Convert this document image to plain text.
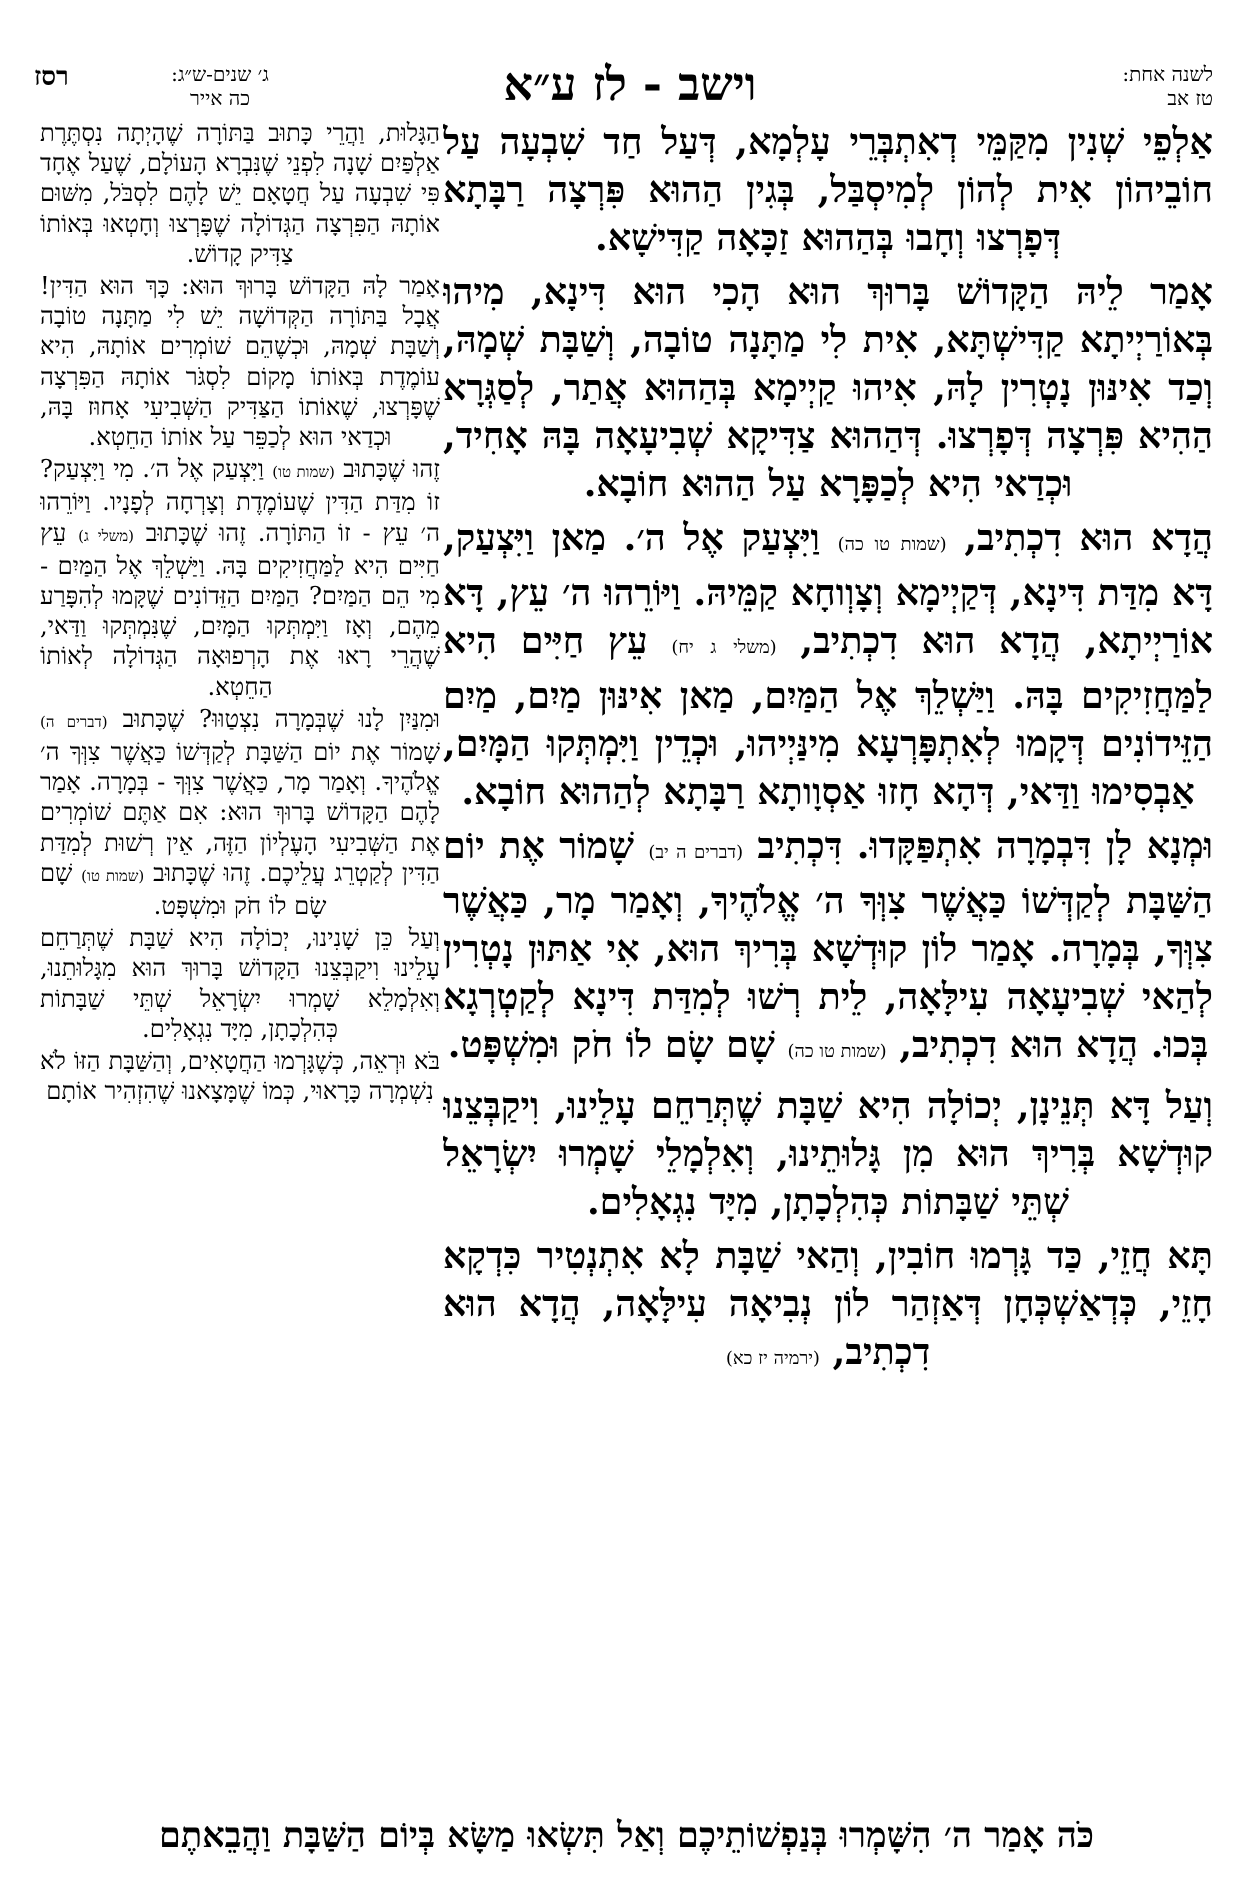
לשנה אחת:
טז אב
וישב - לז ע״א
ג׳ שנים-ש״ג:
כה אייר
רסז

אַלְפֵי שְׁנִין מִקַּמֵּי דְאִתְבְּרֵי עָלְמָא, דְּעַל חַד שִׁבְעָה עַל חוֹבֵיהוֹן אִית לְהוֹן לְמִיסְבַּל, בְּגִין הַהוּא פִּרְצָה רַבָּתָא דְּפָרְצוּ וְחָבוּ בְּהַהוּא זַכָּאָה קַדִּישָׁא.

אָמַר לֵיהּ הַקָּדוֹשׁ בָּרוּךְ הוּא הָכִי הוּא דִּינָא, מִיהוּ בְּאוֹרַיְיתָא קַדִּישְׁתָּא, אִית לִי מַתָּנָה טוֹבָה, וְשַׁבָּת שְׁמָהּ, וְכַד אִינּוּן נָטְרִין לָהּ, אִיהוּ קַיְימָא בְּהַהוּא אֲתַר, לְסַגְּרָא הַהִיא פִּרְצָה דְּפָרְצוּ. דְּהַהוּא צַדִּיקָא שְׁבִיעָאָה בָּהּ אָחִיד, וּכְדַאי הִיא לְכַפָּרָא עַל הַהוּא חוֹבָא.

הֲדָא הוּא דִכְתִיב, (שמות טו כה) וַיִּצְעַק אֶל ה׳. מַאן וַיִּצְעַק, דָּא מִדַּת דִּינָא, דְּקַיְימָא וְצָוְוחָא קַמֵּיהּ. וַיּוֹרֵהוּ ה׳ עֵץ, דָּא אוֹרַיְיתָא, הֲדָא הוּא דִכְתִיב, (משלי ג יח) עֵץ חַיִּים הִיא לַמַּחֲזִיקִים בָּהּ. וַיַּשְׁלֵךְ אֶל הַמַּיִם, מַאן אִינּוּן מַיִם, מַיִם הַזֵּידוֹנִים דְּקָמוּ לְאִתְפָּרְעָא מִינַּיְיהוּ, וּכְדֵין וַיִּמְתְּקוּ הַמָּיִם, אַבְסִימוּ וַדַּאי, דְּהָא חָזוּ אַסְוָותָא רַבָּתָא לְהַהוּא חוֹבָא.

וּמְנָא לָן דִּבְמָרָה אִתְפַּקָּדוּ. דִּכְתִיב (דברים ה יב) שָׁמוֹר אֶת יוֹם הַשַּׁבָּת לְקַדְּשׁוֹ כַּאֲשֶׁר צִוְּךָ ה׳ אֱלֹהֶיךָ, וְאָמַר מָר, כַּאֲשֶׁר צִוְּךָ, בְּמָרָה. אָמַר לוֹן קוּדְשָׁא בְּרִיךְ הוּא, אִי אַתּוּן נָטְרִין לְהַאי שְׁבִיעָאָה עִילָּאָה, לֵית רְשׁוּ לְמִדַּת דִּינָא לְקַטְרְגָא בְּכוּ. הֲדָא הוּא דִכְתִיב, (שמות טו כה) שָׁם שָׂם לוֹ חֹק וּמִשְׁפָּט.

וְעַל דָּא תְּנֵינָן, יְכוֹלָה הִיא שַׁבָּת שֶׁתְּרַחֵם עָלֵינוּ, וִיקַבְּצֵנוּ קוּדְשָׁא בְּרִיךְ הוּא מִן גָּלוּתֵינוּ, וְאִלְמָלֵי שָׁמְרוּ יִשְׂרָאֵל שְׁתֵּי שַׁבָּתוֹת כְּהִלְכָתָן, מִיָּד נִגְאָלִים.

תָּא חֲזֵי, כַּד גָּרְמוּ חוֹבִין, וְהַאי שַׁבָּת לָא אִתְנְטִיר כִּדְקָא חָזֵי, כְּדְאַשְׁכְּחָן דְּאַזְהַר לוֹן נְבִיאָה עִילָּאָה, הֲדָא הוּא דִכְתִיב, (ירמיה יז כא)

הַגָּלוּת, וַהֲרֵי כָּתוּב בַּתּוֹרָה שֶׁהָיְתָה נִסְתֶּרֶת אַלְפַּיִם שָׁנָה לִפְנֵי שֶׁנִּבְרָא הָעוֹלָם, שֶׁעַל אֶחָד פִּי שִׁבְעָה עַל חֲטָאָם יֵשׁ לָהֶם לִסְבֹּל, מִשּׁוּם אוֹתָהּ הַפִּרְצָה הַגְּדוֹלָה שֶׁפָּרְצוּ וְחָטְאוּ בְּאוֹתוֹ צַדִּיק קָדוֹשׁ.

אָמַר לָהּ הַקָּדוֹשׁ בָּרוּךְ הוּא: כָּךְ הוּא הַדִּין! אֲבָל בַּתּוֹרָה הַקְּדוֹשָׁה יֵשׁ לִי מַתָּנָה טוֹבָה וְשַׁבָּת שְׁמָהּ, וּכְשֶׁהֵם שׁוֹמְרִים אוֹתָהּ, הִיא עוֹמֶדֶת בְּאוֹתוֹ מָקוֹם לִסְגֹּר אוֹתָהּ הַפִּרְצָה שֶׁפָּרְצוּ, שֶׁאוֹתוֹ הַצַּדִּיק הַשְּׁבִיעִי אָחוּז בָּהּ, וּכְדַאי הוּא לְכַפֵּר עַל אוֹתוֹ הַחֵטְא.

זֶהוּ שֶׁכָּתוּב (שמות טו) וַיִּצְעַק אֶל ה׳. מִי וַיִּצְעַק? זוֹ מִדַּת הַדִּין שֶׁעוֹמֶדֶת וְצָרְחָה לְפָנָיו. וַיּוֹרֵהוּ ה׳ עֵץ - זוֹ הַתּוֹרָה. זֶהוּ שֶׁכָּתוּב (משלי ג) עֵץ חַיִּים הִיא לַמַּחֲזִיקִים בָּהּ. וַיַּשְׁלֵךְ אֶל הַמַּיִם - מִי הֵם הַמַּיִם? הַמַּיִם הַזֵּדוֹנִים שֶׁקָּמוּ לְהִפָּרַע מֵהֶם, וְאָז וַיִּמְתְּקוּ הַמָּיִם, שֶׁנִּמְתְּקוּ וַדַּאי, שֶׁהֲרֵי רָאוּ אֶת הָרְפוּאָה הַגְּדוֹלָה לְאוֹתוֹ הַחֵטְא.

וּמִנַּיִן לָנוּ שֶׁבְּמָרָה נִצְטַוּוּ? שֶׁכָּתוּב (דברים ה) שָׁמוֹר אֶת יוֹם הַשַּׁבָּת לְקַדְּשׁוֹ כַּאֲשֶׁר צִוְּךָ ה׳ אֱלֹהֶיךָ. וְאָמַר מָר, כַּאֲשֶׁר צִוְּךָ - בְּמָרָה. אָמַר לָהֶם הַקָּדוֹשׁ בָּרוּךְ הוּא: אִם אַתֶּם שׁוֹמְרִים אֶת הַשְּׁבִיעִי הָעֶלְיוֹן הַזֶּה, אֵין רְשׁוּת לְמִדַּת הַדִּין לְקַטְרֵג עֲלֵיכֶם. זֶהוּ שֶׁכָּתוּב (שמות טו) שָׁם שָׂם לוֹ חֹק וּמִשְׁפָּט.

וְעַל כֵּן שָׁנִינוּ, יְכוֹלָה הִיא שַׁבָּת שֶׁתְּרַחֵם עָלֵינוּ וִיקַבְּצֵנוּ הַקָּדוֹשׁ בָּרוּךְ הוּא מִגָּלוּתֵנוּ, וְאִלְמָלֵא שָׁמְרוּ יִשְׂרָאֵל שְׁתֵּי שַׁבָּתוֹת כְּהִלְכָתָן, מִיָּד נִגְאָלִים.

בֹּא וּרְאֵה, כְּשֶׁגָּרְמוּ הַחֲטָאִים, וְהַשַּׁבָּת הַזּוֹ לֹא נִשְׁמְרָה כָּרָאוּי, כְּמוֹ שֶׁמָּצָאנוּ שֶׁהִזְהִיר אוֹתָם

כֹּה אָמַר ה׳ הִשָּׁמְרוּ בְּנַפְשׁוֹתֵיכֶם וְאַל תִּשְׂאוּ מַשָּׂא בְּיוֹם הַשַּׁבָּת וַהֲבֵאתֶם
